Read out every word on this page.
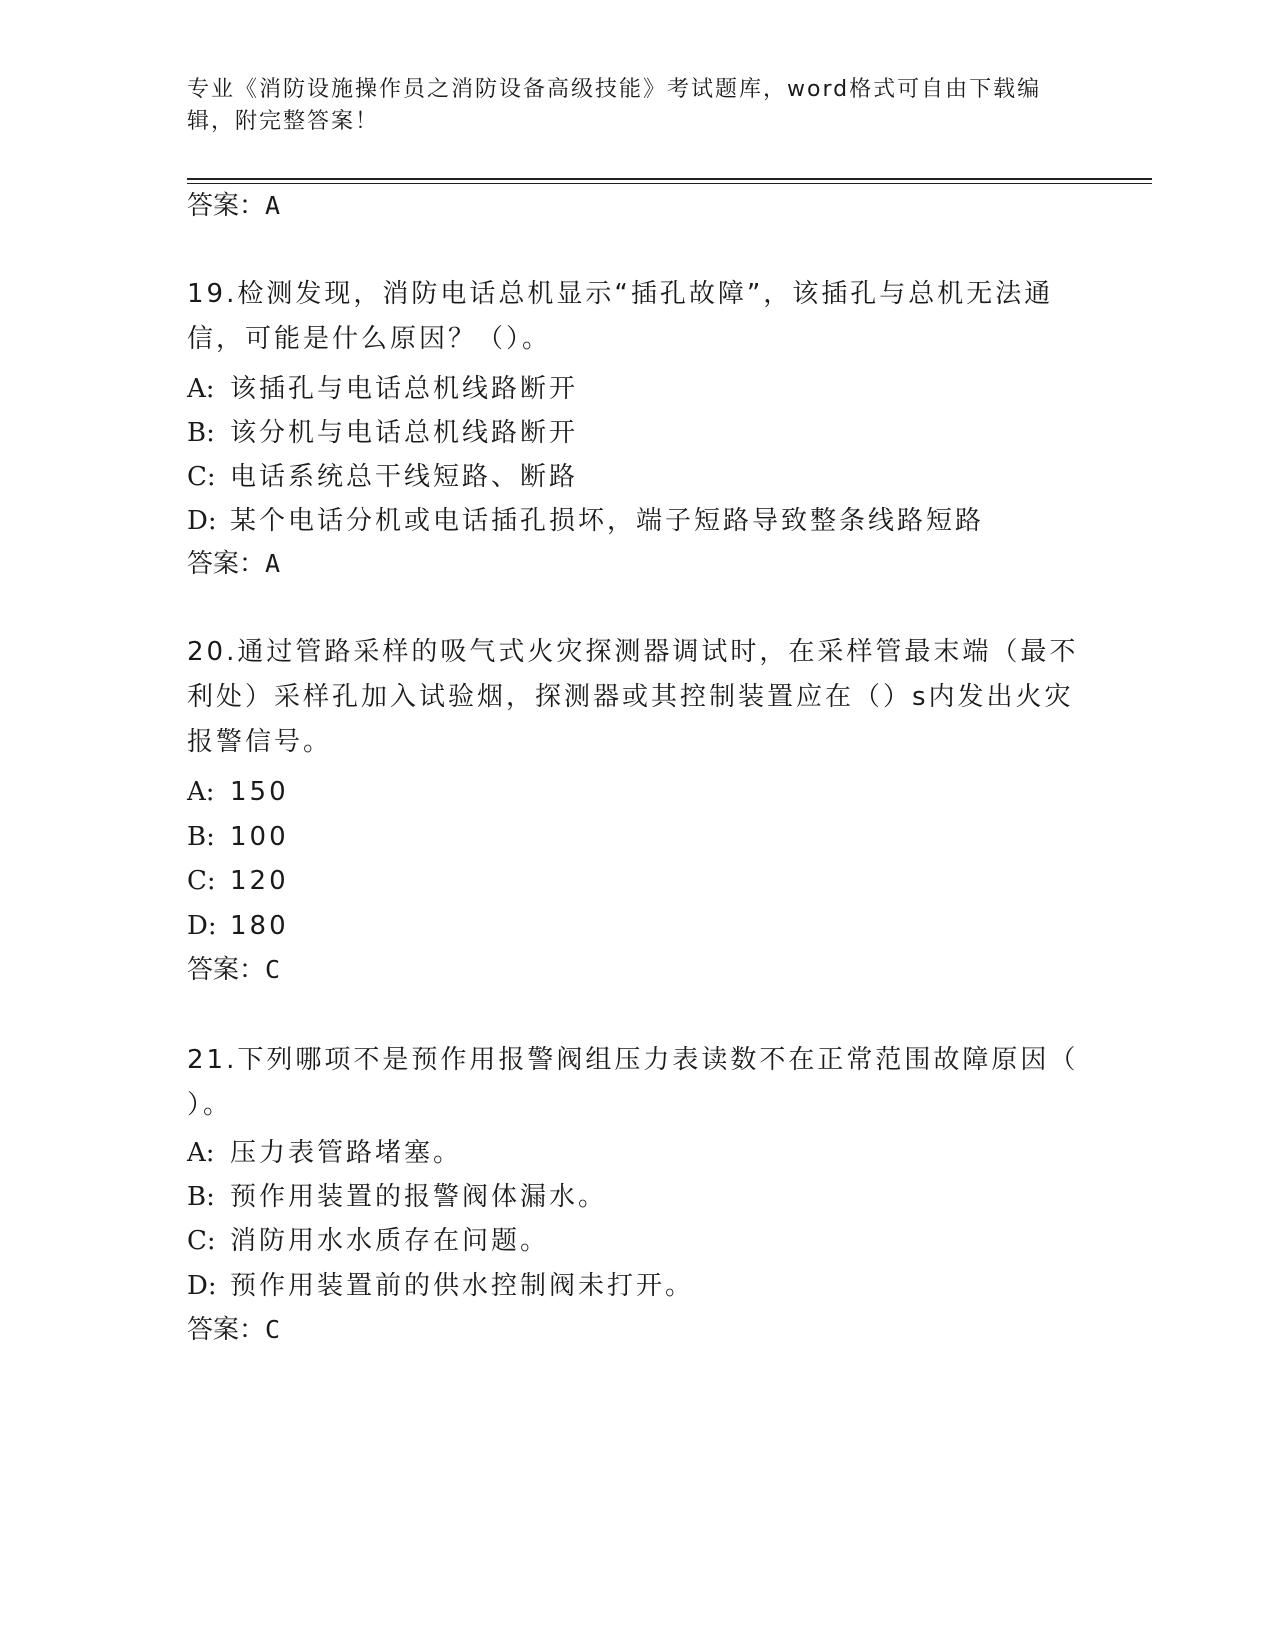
专业《消防设施操作员之消防设备高级技能》考试题库，word格式可自由下载编
辑，附完整答案！
答案：A
19.检测发现，消防电话总机显示“插孔故障”，该插孔与总机无法通
信，可能是什么原因？（）。
A: 该插孔与电话总机线路断开
B: 该分机与电话总机线路断开
C: 电话系统总干线短路、断路
D: 某个电话分机或电话插孔损坏，端子短路导致整条线路短路
答案：A
20.通过管路采样的吸气式火灾探测器调试时，在采样管最末端（最不
利处）采样孔加入试验烟，探测器或其控制装置应在（）s内发出火灾
报警信号。
A: 150
B: 100
C: 120
D: 180
答案：C
21.下列哪项不是预作用报警阀组压力表读数不在正常范围故障原因（
）。
A: 压力表管路堵塞。
B: 预作用装置的报警阀体漏水。
C: 消防用水水质存在问题。
D: 预作用装置前的供水控制阀未打开。
答案：C
